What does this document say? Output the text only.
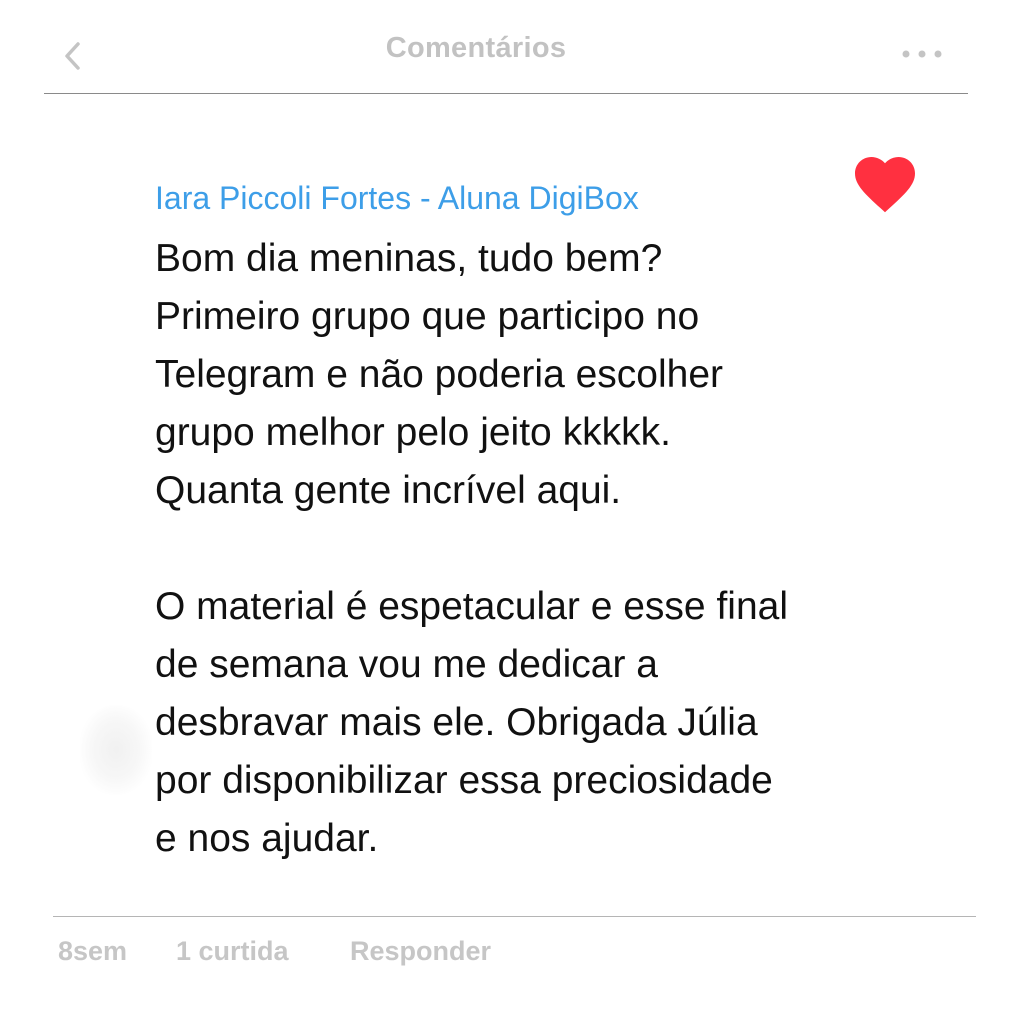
Comentários
Iara Piccoli Fortes - Aluna DigiBox
Bom dia meninas, tudo bem?
Primeiro grupo que participo no
Telegram e não poderia escolher
grupo melhor pelo jeito kkkkk.
Quanta gente incrível aqui.
O material é espetacular e esse final
de semana vou me dedicar a
desbravar mais ele. Obrigada Júlia
por disponibilizar essa preciosidade
e nos ajudar.
8sem 1 curtida Responder
